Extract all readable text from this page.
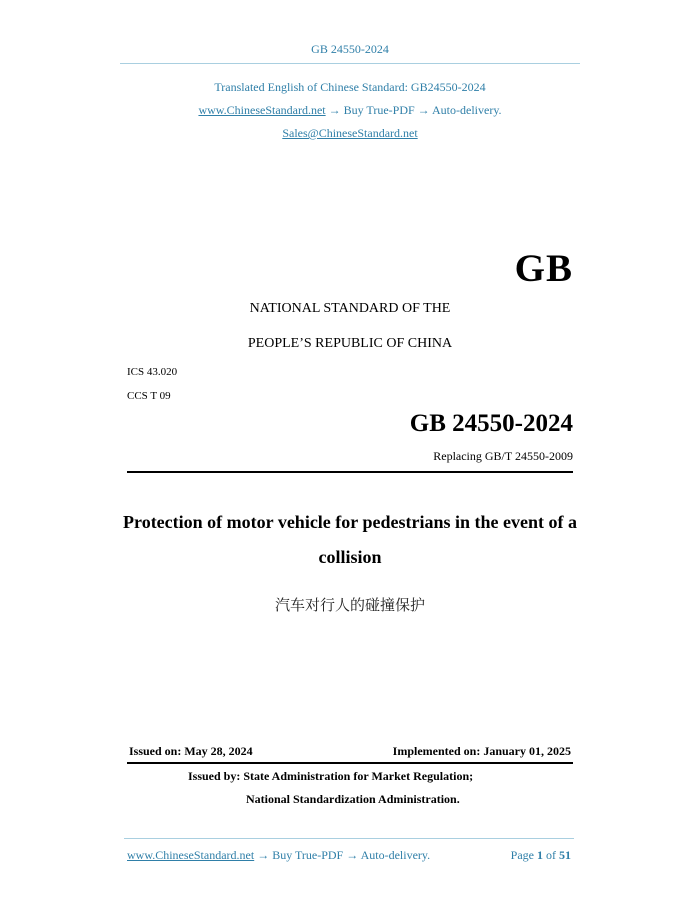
GB 24550-2024
Translated English of Chinese Standard: GB24550-2024
www.ChineseStandard.net → Buy True-PDF → Auto-delivery.
Sales@ChineseStandard.net
GB
NATIONAL STANDARD OF THE
PEOPLE’S REPUBLIC OF CHINA
ICS 43.020
CCS T 09
GB 24550-2024
Replacing GB/T 24550-2009
Protection of motor vehicle for pedestrians in the event of a
collision
汽车对行人的碰撞保护
Issued on: May 28, 2024	Implemented on: January 01, 2025
Issued by: State Administration for Market Regulation;
National Standardization Administration.
www.ChineseStandard.net → Buy True-PDF → Auto-delivery.	Page 1 of 51
